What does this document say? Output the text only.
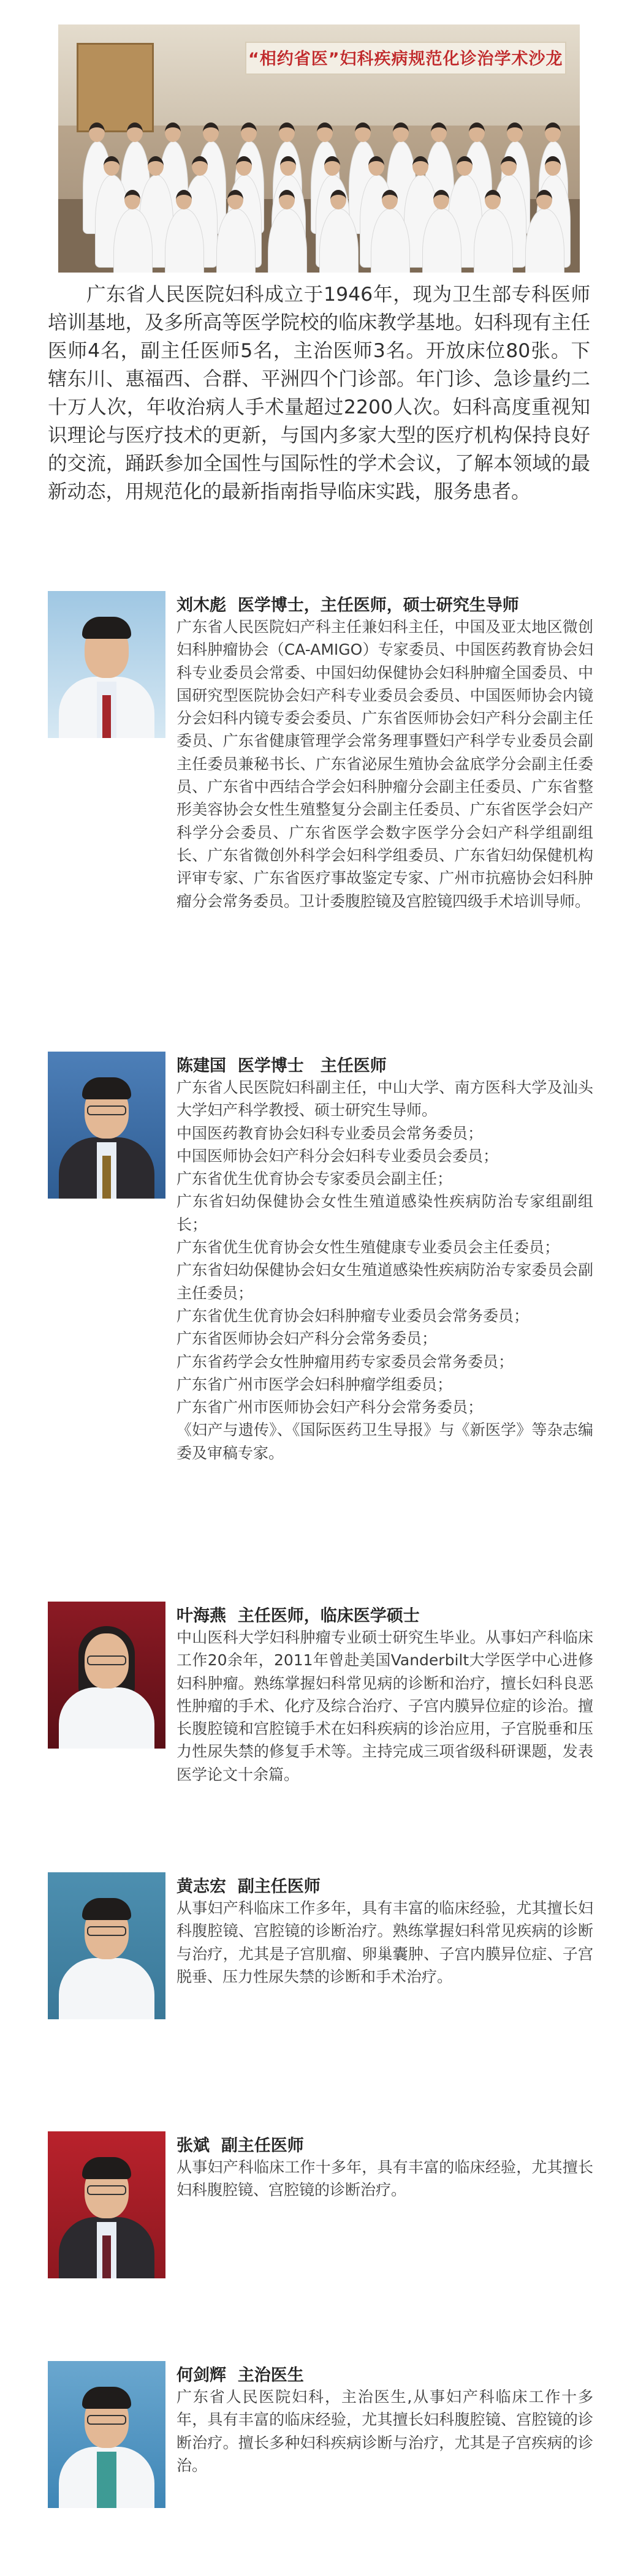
“相约省医”妇科疾病规范化诊治学术沙龙

广东省人民医院妇科成立于1946年，现为卫生部专科医师培训基地，及多所高等医学院校的临床教学基地。妇科现有主任医师4名，副主任医师5名，主治医师3名。开放床位80张。下辖东川、惠福西、合群、平洲四个门诊部。年门诊、急诊量约二十万人次，年收治病人手术量超过2200人次。妇科高度重视知识理论与医疗技术的更新，与国内多家大型的医疗机构保持良好的交流，踊跃参加全国性与国际性的学术会议，了解本领域的最新动态，用规范化的最新指南指导临床实践，服务患者。

刘木彪 医学博士，主任医师，硕士研究生导师

广东省人民医院妇产科主任兼妇科主任，中国及亚太地区微创妇科肿瘤协会（CA-AMIGO）专家委员、中国医药教育协会妇科专业委员会常委、中国妇幼保健协会妇科肿瘤全国委员、中国研究型医院协会妇产科专业委员会委员、中国医师协会内镜分会妇科内镜专委会委员、广东省医师协会妇产科分会副主任委员、广东省健康管理学会常务理事暨妇产科学专业委员会副主任委员兼秘书长、广东省泌尿生殖协会盆底学分会副主任委员、广东省中西结合学会妇科肿瘤分会副主任委员、广东省整形美容协会女性生殖整复分会副主任委员、广东省医学会妇产科学分会委员、广东省医学会数字医学分会妇产科学组副组长、广东省微创外科学会妇科学组委员、广东省妇幼保健机构评审专家、广东省医疗事故鉴定专家、广州市抗癌协会妇科肿瘤分会常务委员。卫计委腹腔镜及宫腔镜四级手术培训导师。

陈建国 医学博士　主任医师

广东省人民医院妇科副主任，中山大学、南方医科大学及汕头大学妇产科学教授、硕士研究生导师。
中国医药教育协会妇科专业委员会常务委员；
中国医师协会妇产科分会妇科专业委员会委员；
广东省优生优育协会专家委员会副主任；
广东省妇幼保健协会女性生殖道感染性疾病防治专家组副组长；
广东省优生优育协会女性生殖健康专业委员会主任委员；
广东省妇幼保健协会妇女生殖道感染性疾病防治专家委员会副主任委员；
广东省优生优育协会妇科肿瘤专业委员会常务委员；
广东省医师协会妇产科分会常务委员；
广东省药学会女性肿瘤用药专家委员会常务委员；
广东省广州市医学会妇科肿瘤学组委员；
广东省广州市医师协会妇产科分会常务委员；
《妇产与遗传》、《国际医药卫生导报》与《新医学》等杂志编委及审稿专家。

叶海燕 主任医师，临床医学硕士

中山医科大学妇科肿瘤专业硕士研究生毕业。从事妇产科临床工作20余年，2011年曾赴美国Vanderbilt大学医学中心进修妇科肿瘤。熟练掌握妇科常见病的诊断和治疗，擅长妇科良恶性肿瘤的手术、化疗及综合治疗、子宫内膜异位症的诊治。擅长腹腔镜和宫腔镜手术在妇科疾病的诊治应用，子宫脱垂和压力性尿失禁的修复手术等。主持完成三项省级科研课题，发表医学论文十余篇。

黄志宏 副主任医师

从事妇产科临床工作多年，具有丰富的临床经验，尤其擅长妇科腹腔镜、宫腔镜的诊断治疗。熟练掌握妇科常见疾病的诊断与治疗，尤其是子宫肌瘤、卵巢囊肿、子宫内膜异位症、子宫脱垂、压力性尿失禁的诊断和手术治疗。

张斌 副主任医师

从事妇产科临床工作十多年，具有丰富的临床经验，尤其擅长妇科腹腔镜、宫腔镜的诊断治疗。

何剑辉 主治医生

广东省人民医院妇科，主治医生,从事妇产科临床工作十多年，具有丰富的临床经验，尤其擅长妇科腹腔镜、宫腔镜的诊断治疗。擅长多种妇科疾病诊断与治疗，尤其是子宫疾病的诊治。
